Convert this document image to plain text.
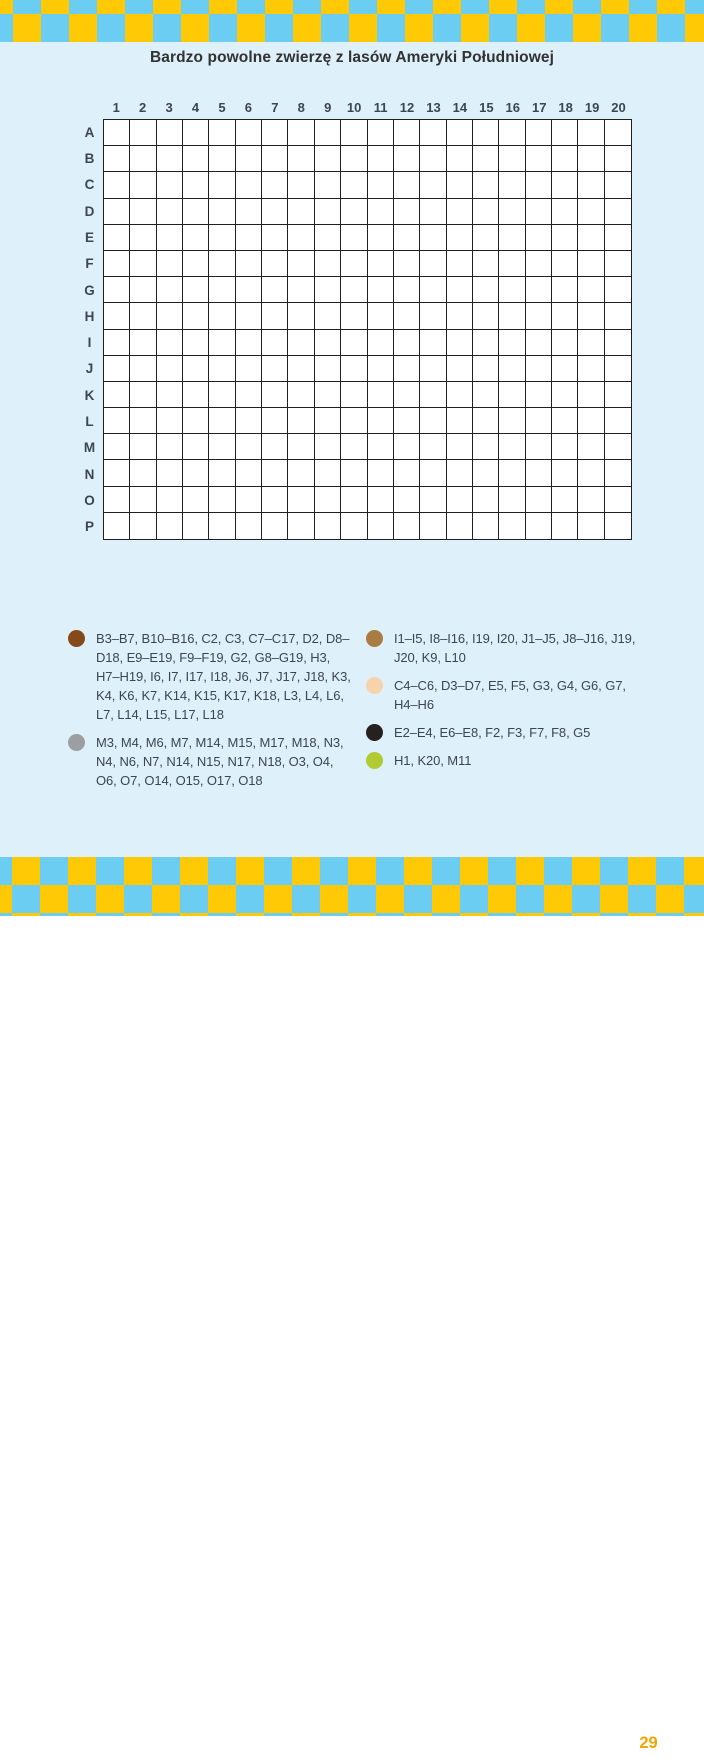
Bardzo powolne zwierzę z lasów Ameryki Południowej
1	2	3	4	5	6	7	8	9	10 11 12 13 14 15 16 17 18 19 20
A
B
C
D
E
F
G
H
I
J
K
L
M
N
O
P
B3–B7, B10–B16, C2, C3, C7–C17, D2, D8–D18, E9–E19, F9–F19, G2, G8–G19, H3, H7–H19, I6, I7, I17, I18, J6, J7, J17, J18, K3, K4, K6, K7, K14, K15, K17, K18, L3, L4, L6, L7, L14, L15, L17, L18
M3, M4, M6, M7, M14, M15, M17, M18, N3, N4, N6, N7, N14, N15, N17, N18, O3, O4, O6, O7, O14, O15, O17, O18
I1–I5, I8–I16, I19, I20, J1–J5, J8–J16, J19, J20, K9, L10
C4–C6, D3–D7, E5, F5, G3, G4, G6, G7, H4–H6
E2–E4, E6–E8, F2, F3, F7, F8, G5
H1, K20, M11
29
